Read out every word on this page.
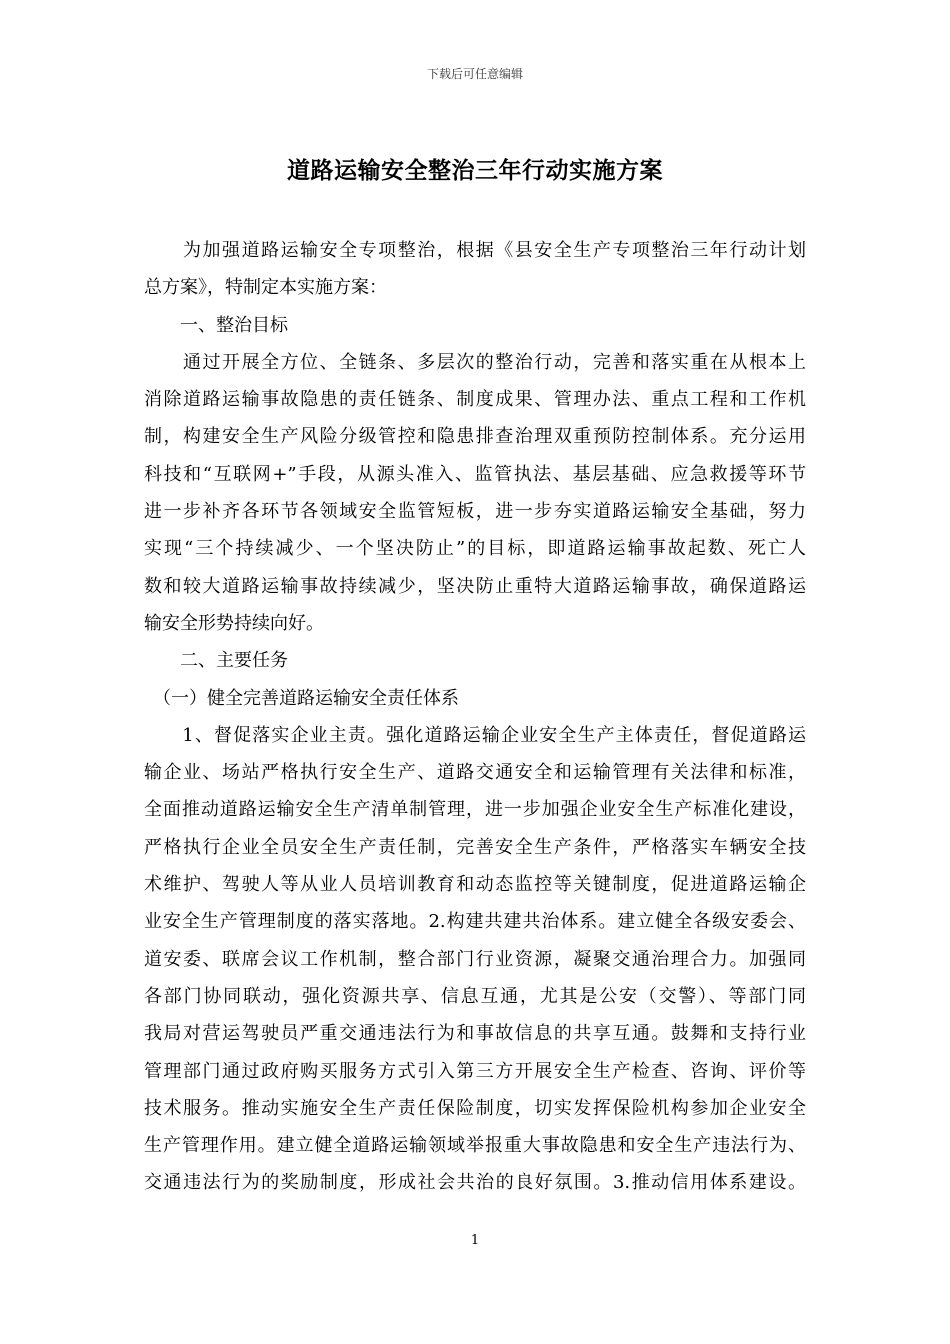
下载后可任意编辑
道路运输安全整治三年行动实施方案
　　为加强道路运输安全专项整治，根据《县安全生产专项整治三年行动计划
总方案》，特制定本实施方案：
　　一、整治目标
　　通过开展全方位、全链条、多层次的整治行动，完善和落实重在从根本上
消除道路运输事故隐患的责任链条、制度成果、管理办法、重点工程和工作机
制，构建安全生产风险分级管控和隐患排查治理双重预防控制体系。充分运用
科技和“互联网+”手段，从源头准入、监管执法、基层基础、应急救援等环节
进一步补齐各环节各领域安全监管短板，进一步夯实道路运输安全基础，努力
实现“三个持续减少、一个坚决防止”的目标，即道路运输事故起数、死亡人
数和较大道路运输事故持续减少，坚决防止重特大道路运输事故，确保道路运
输安全形势持续向好。
　　二、主要任务
　（一）健全完善道路运输安全责任体系
　　1、督促落实企业主责。强化道路运输企业安全生产主体责任，督促道路运
输企业、场站严格执行安全生产、道路交通安全和运输管理有关法律和标准，
全面推动道路运输安全生产清单制管理，进一步加强企业安全生产标准化建设，
严格执行企业全员安全生产责任制，完善安全生产条件，严格落实车辆安全技
术维护、驾驶人等从业人员培训教育和动态监控等关键制度，促进道路运输企
业安全生产管理制度的落实落地。2.构建共建共治体系。建立健全各级安委会、
道安委、联席会议工作机制，整合部门行业资源，凝聚交通治理合力。加强同
各部门协同联动，强化资源共享、信息互通，尤其是公安（交警）、等部门同
我局对营运驾驶员严重交通违法行为和事故信息的共享互通。鼓舞和支持行业
管理部门通过政府购买服务方式引入第三方开展安全生产检查、咨询、评价等
技术服务。推动实施安全生产责任保险制度，切实发挥保险机构参加企业安全
生产管理作用。建立健全道路运输领域举报重大事故隐患和安全生产违法行为、
交通违法行为的奖励制度，形成社会共治的良好氛围。3.推动信用体系建设。
1
